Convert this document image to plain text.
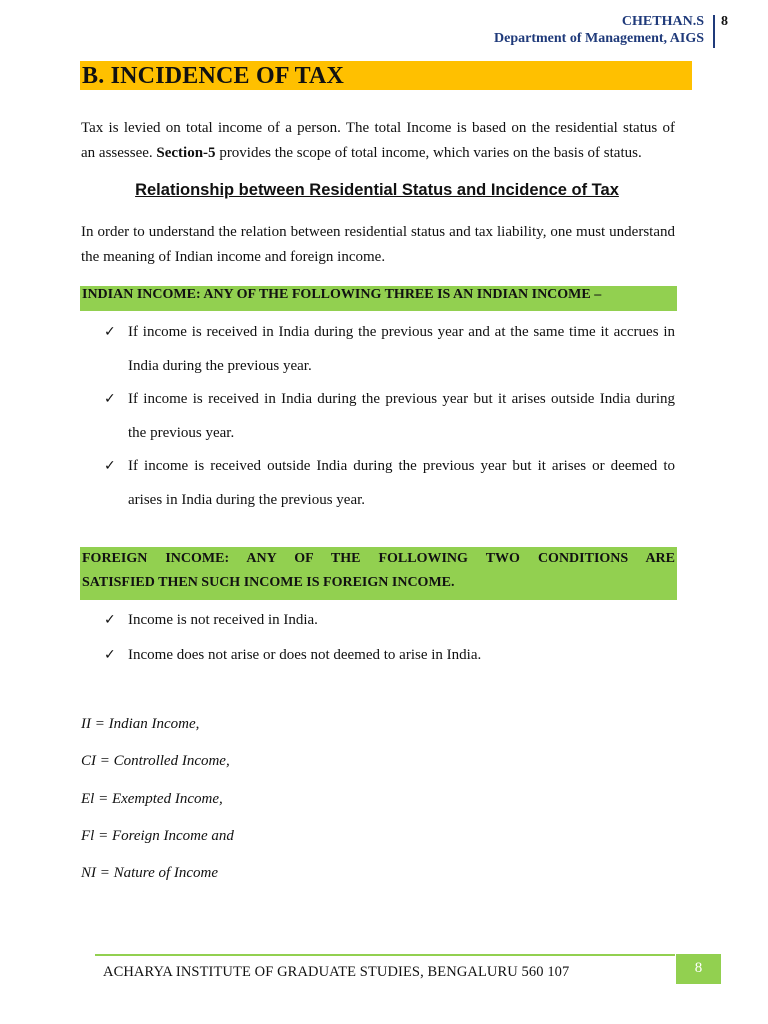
CHETHAN.S
Department of Management, AIGS
8
B. INCIDENCE OF TAX
Tax is levied on total income of a person. The total Income is based on the residential status of
an assessee. Section-5 provides the scope of total income, which varies on the basis of status.
Relationship between Residential Status and Incidence of Tax
In order to understand the relation between residential status and tax liability, one must understand the meaning of Indian income and foreign income.
INDIAN INCOME: ANY OF THE FOLLOWING THREE IS AN INDIAN INCOME –
✓ If income is received in India during the previous year and at the same time it accrues in
India during the previous year.
✓ If income is received in India during the previous year but it arises outside India during
the previous year.
✓ If income is received outside India during the previous year but it arises or deemed to
arises in India during the previous year.
FOREIGN INCOME: ANY OF THE FOLLOWING TWO CONDITIONS ARE
SATISFIED THEN SUCH INCOME IS FOREIGN INCOME.
✓ Income is not received in India.
✓ Income does not arise or does not deemed to arise in India.
II = Indian Income,
CI = Controlled Income,
El = Exempted Income,
Fl = Foreign Income and
NI = Nature of Income
ACHARYA INSTITUTE OF GRADUATE STUDIES, BENGALURU 560 107	8
